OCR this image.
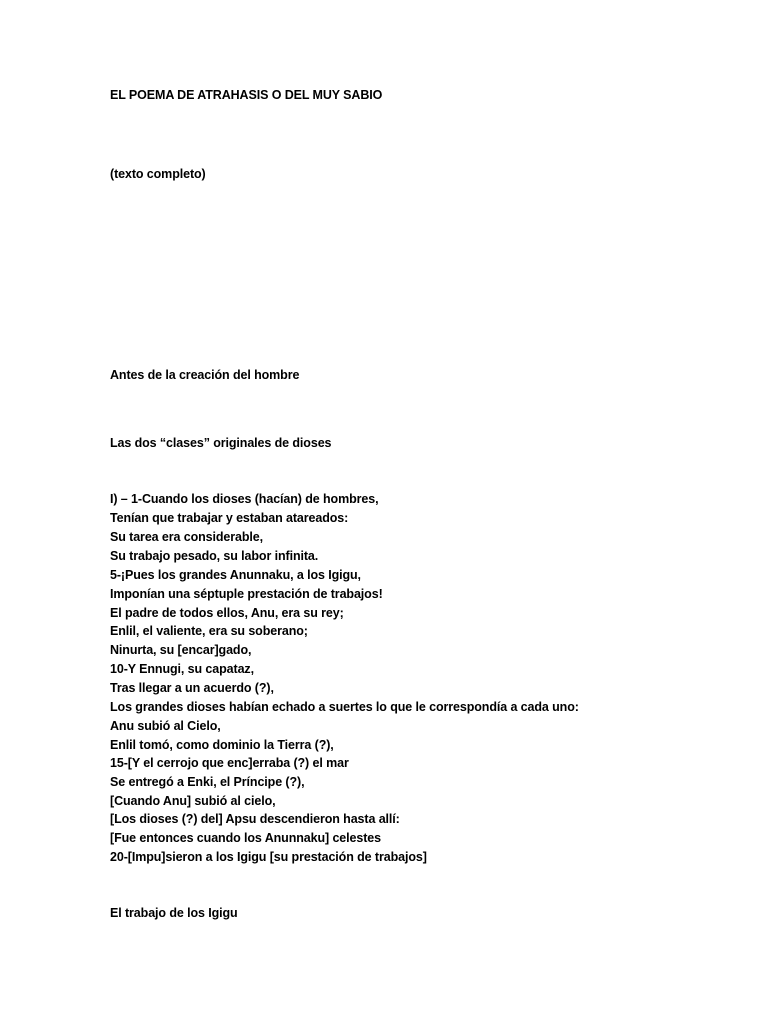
EL POEMA DE ATRAHASIS O DEL MUY SABIO
(texto completo)
Antes de la creación del hombre
Las dos “clases” originales de dioses
I) – 1-Cuando los dioses (hacían) de hombres,
Tenían que trabajar y estaban atareados:
Su tarea era considerable,
Su trabajo pesado, su labor infinita.
5-¡Pues los grandes Anunnaku, a los Igigu,
Imponían una séptuple prestación de trabajos!
El padre de todos ellos, Anu, era su rey;
Enlil, el valiente, era su soberano;
Ninurta, su [encar]gado,
10-Y Ennugi, su capataz,
Tras llegar a un acuerdo (?),
Los grandes dioses habían echado a suertes lo que le correspondía a cada uno:
Anu subió al Cielo,
Enlil tomó, como dominio la Tierra (?),
15-[Y el cerrojo que enc]erraba (?) el mar
Se entregó a Enki, el Príncipe (?),
[Cuando Anu] subió al cielo,
[Los dioses (?) del] Apsu descendieron hasta allí:
[Fue entonces cuando los Anunnaku] celestes
20-[Impu]sieron a los Igigu [su prestación de trabajos]
El trabajo de los Igigu
